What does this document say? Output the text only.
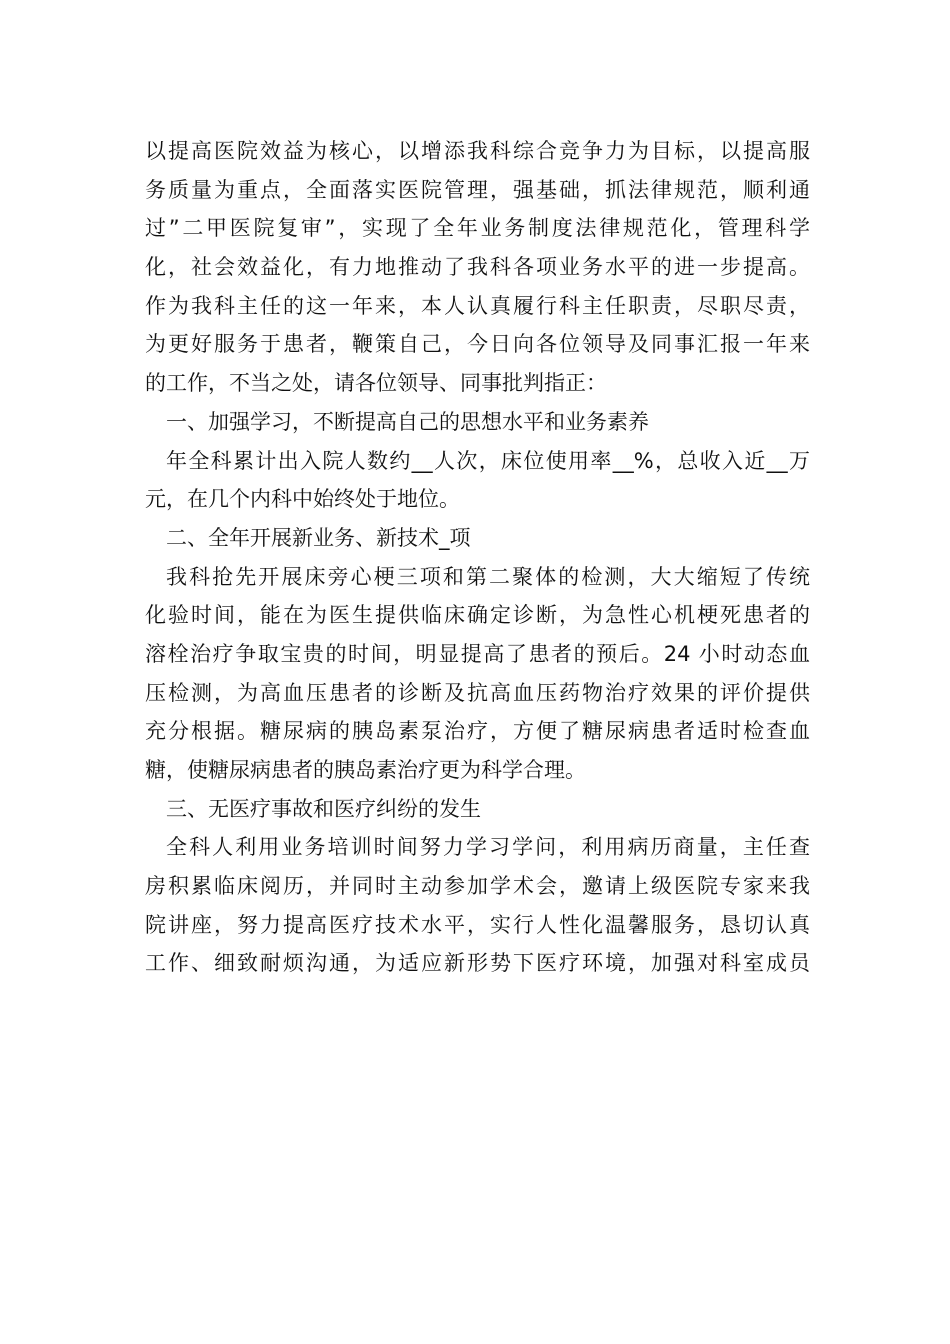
以提高医院效益为核心，以增添我科综合竞争力为目标，以提高服
务质量为重点，全面落实医院管理，强基础，抓法律规范，顺利通
过”二甲医院复审”，实现了全年业务制度法律规范化，管理科学
化，社会效益化，有力地推动了我科各项业务水平的进一步提高。
作为我科主任的这一年来，本人认真履行科主任职责，尽职尽责，
为更好服务于患者，鞭策自己，今日向各位领导及同事汇报一年来
的工作，不当之处，请各位领导、同事批判指正：
一、加强学习，不断提高自己的思想水平和业务素养
年全科累计出入院人数约__人次，床位使用率__%，总收入近__万
元，在几个内科中始终处于地位。
二、全年开展新业务、新技术_项
我科抢先开展床旁心梗三项和第二聚体的检测，大大缩短了传统
化验时间，能在为医生提供临床确定诊断，为急性心机梗死患者的
溶栓治疗争取宝贵的时间，明显提高了患者的预后。24 小时动态血
压检测，为高血压患者的诊断及抗高血压药物治疗效果的评价提供
充分根据。糖尿病的胰岛素泵治疗，方便了糖尿病患者适时检查血
糖，使糖尿病患者的胰岛素治疗更为科学合理。
三、无医疗事故和医疗纠纷的发生
全科人利用业务培训时间努力学习学问，利用病历商量，主任查
房积累临床阅历，并同时主动参加学术会，邀请上级医院专家来我
院讲座，努力提高医疗技术水平，实行人性化温馨服务，恳切认真
工作、细致耐烦沟通，为适应新形势下医疗环境，加强对科室成员
